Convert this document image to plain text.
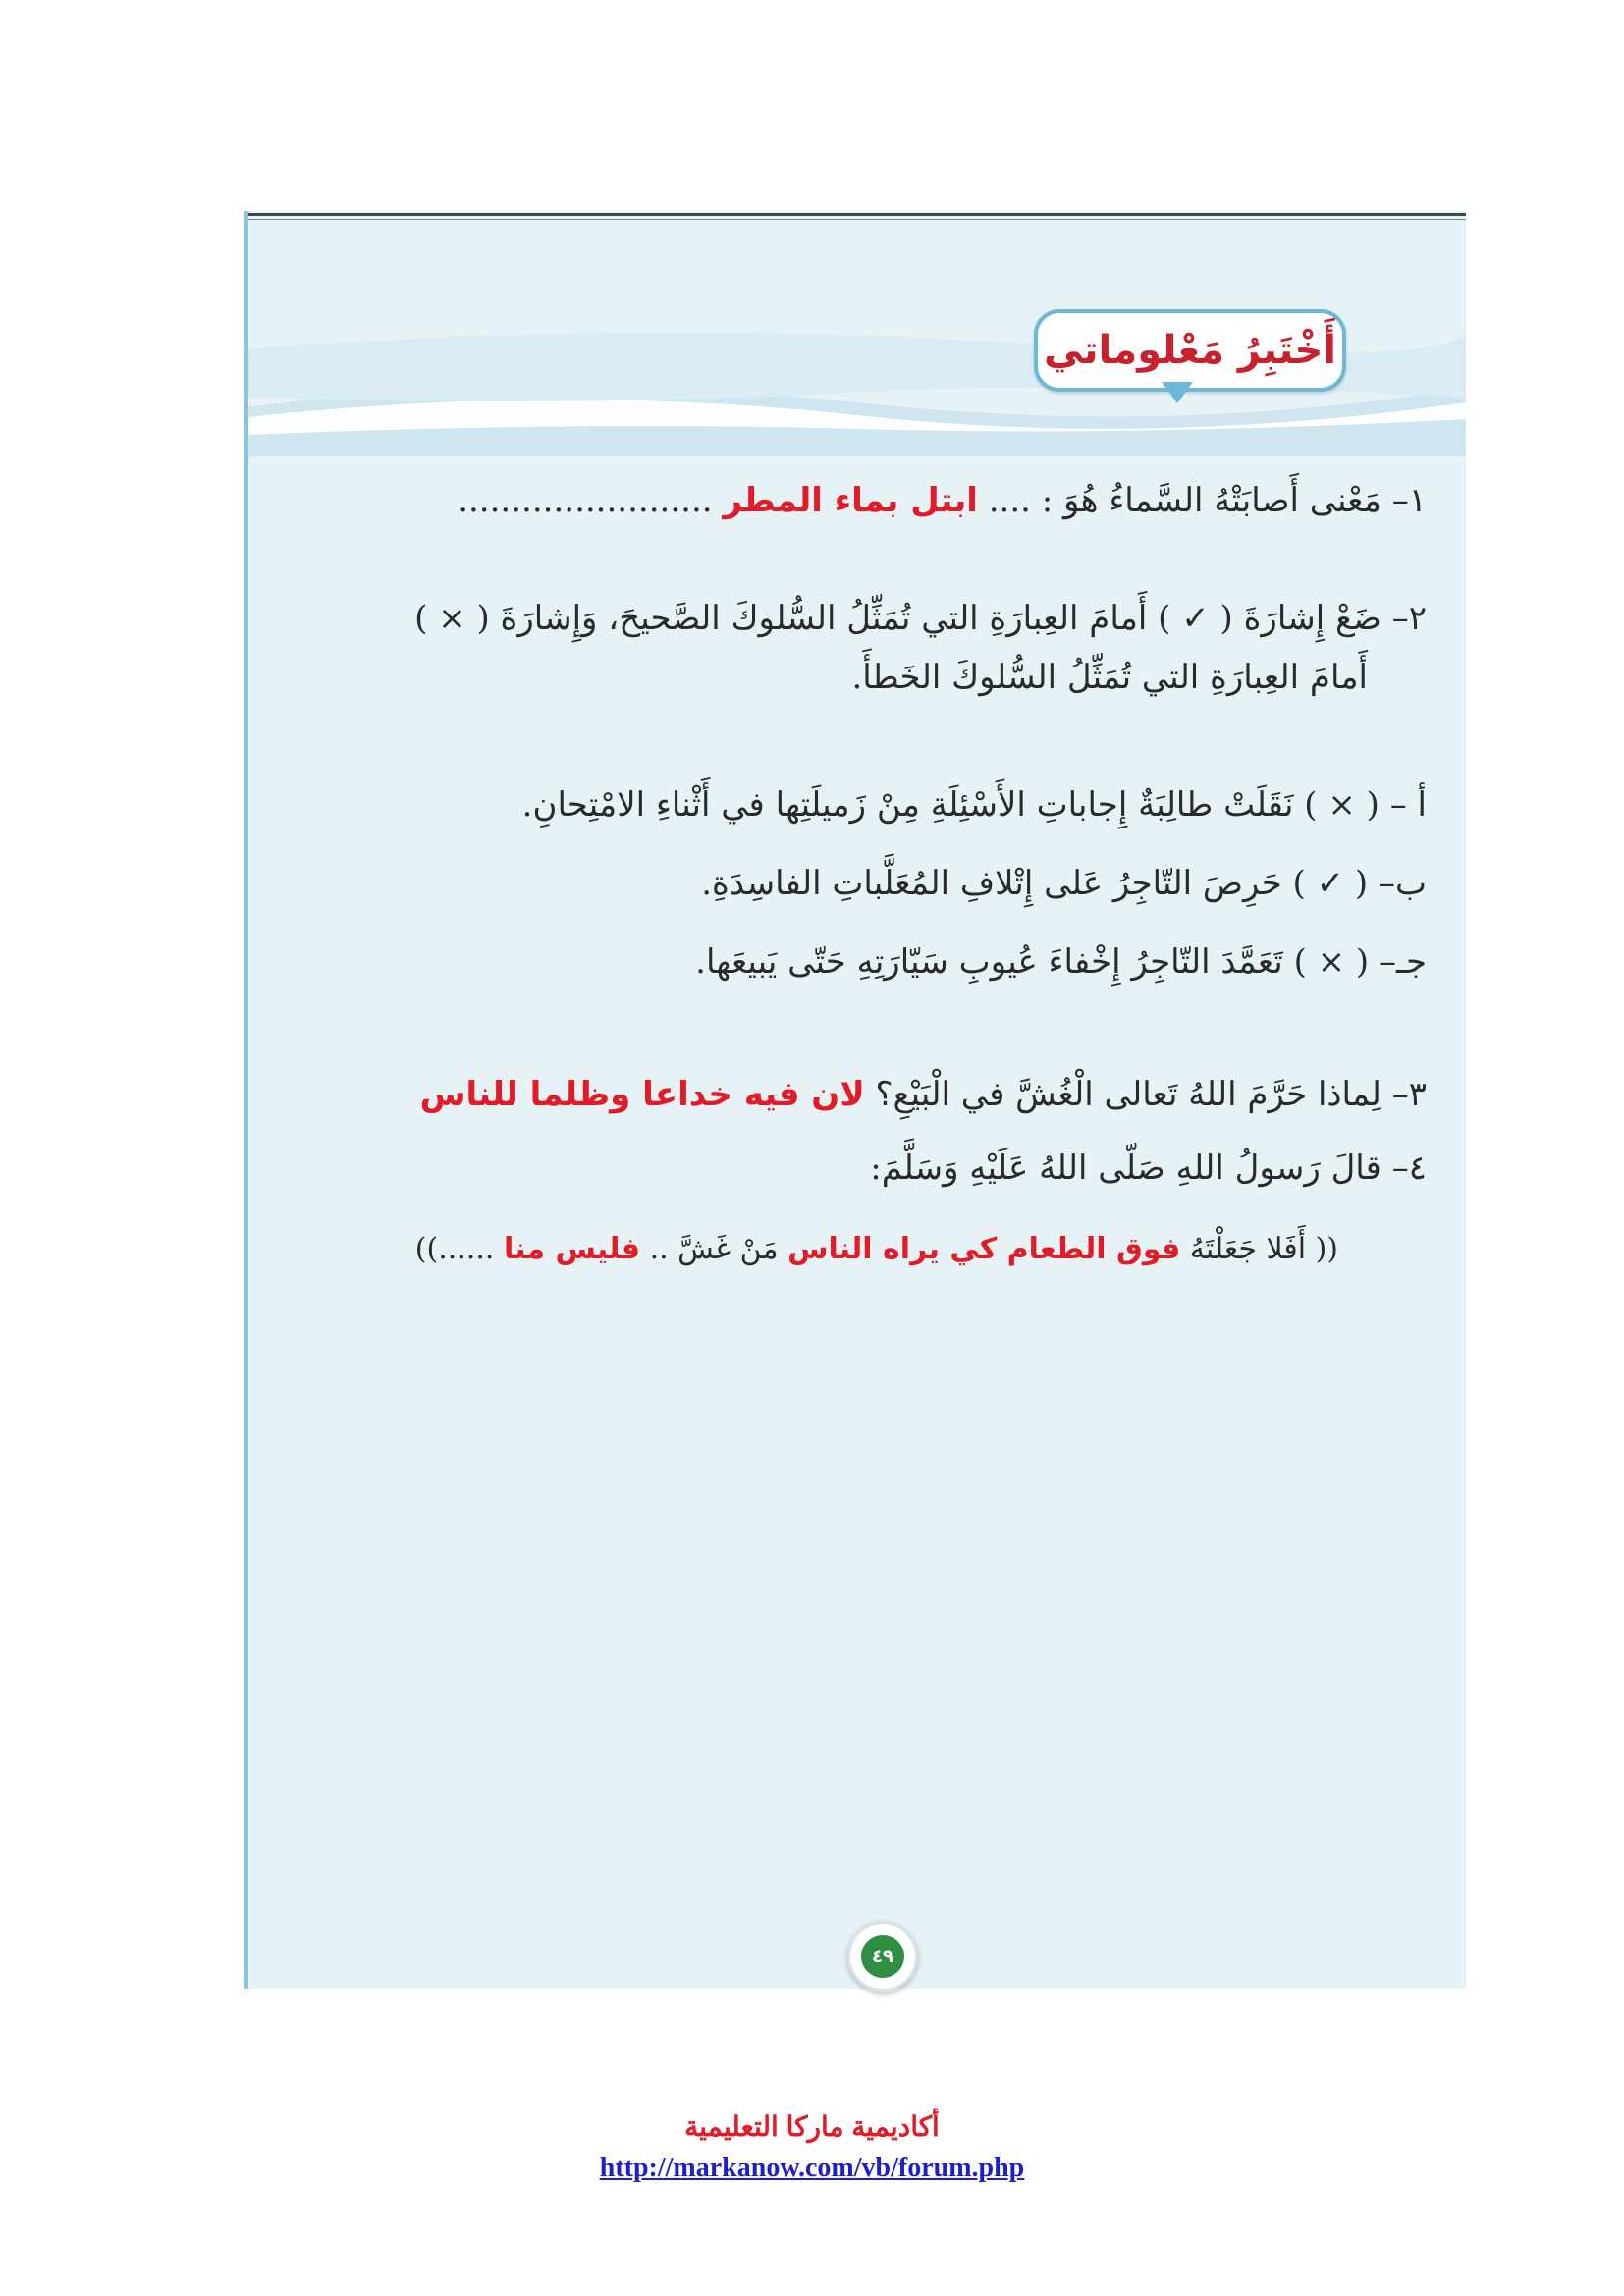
أَخْتَبِرُ مَعْلوماتي
١– مَعْنى أَصابَتْهُ السَّماءُ هُوَ : .... ابتل بماء المطر ........................
٢– ضَعْ إِشارَةَ ( ✓ ) أَمامَ العِبارَةِ التي تُمَثِّلُ السُّلوكَ الصَّحيحَ، وَإِشارَةَ ( × )
أَمامَ العِبارَةِ التي تُمَثِّلُ السُّلوكَ الخَطأَ.
أ – ( × ) نَقَلَتْ طالِبَةٌ إِجاباتِ الأَسْئِلَةِ مِنْ زَميلَتِها في أَثْناءِ الامْتِحانِ.
ب– ( ✓ ) حَرِصَ التّاجِرُ عَلى إِتْلافِ المُعَلَّباتِ الفاسِدَةِ.
جـ– ( × ) تَعَمَّدَ التّاجِرُ إِخْفاءَ عُيوبِ سَيّارَتِهِ حَتّى يَبيعَها.
٣– لِماذا حَرَّمَ اللهُ تَعالى الْغُشَّ في الْبَيْعِ؟ لان فيه خداعا وظلما للناس
٤– قالَ رَسولُ اللهِ صَلّى اللهُ عَلَيْهِ وَسَلَّمَ:
(( أَفَلا جَعَلْتَهُ فوق الطعام كي يراه الناس مَنْ غَشَّ .. فليس منا ......))
٤٩
أكاديمية ماركا التعليمية
http://markanow.com/vb/forum.php
